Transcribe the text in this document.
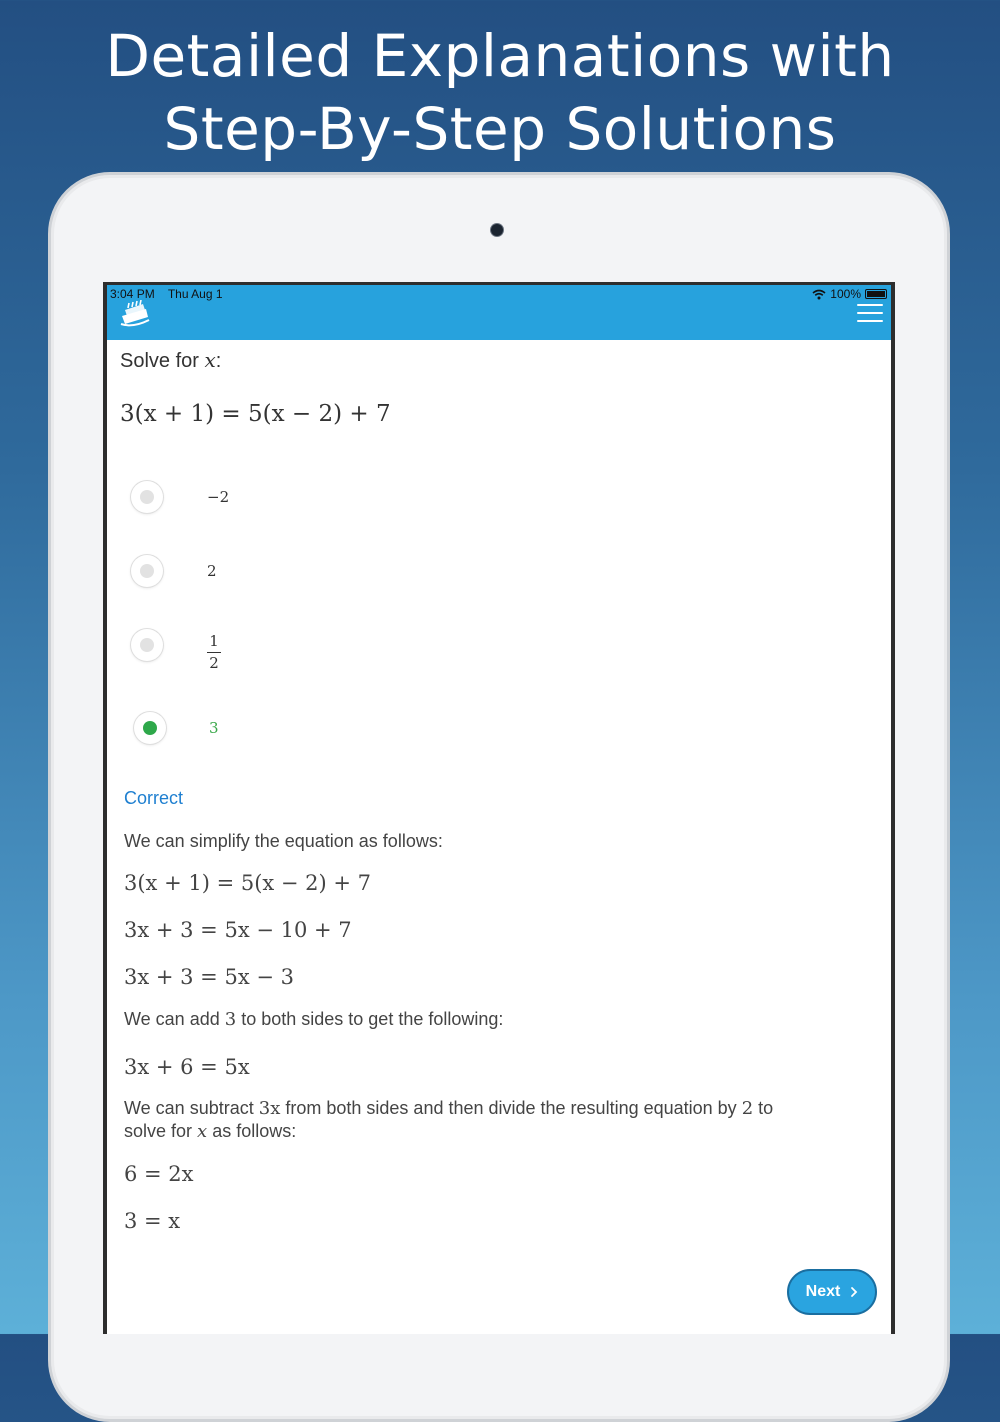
Detailed Explanations with
Step-By-Step Solutions
3:04 PM Thu Aug 1	100%
Solve for x:
3(x + 1) = 5(x − 2) + 7
−2
2
1
2
3
Correct
We can simplify the equation as follows:
3(x + 1) = 5(x − 2) + 7
3x + 3 = 5x − 10 + 7
3x + 3 = 5x − 3
We can add 3 to both sides to get the following:
3x + 6 = 5x
We can subtract 3x from both sides and then divide the resulting equation by 2 to
solve for x as follows:
6 = 2x
3 = x
Next
